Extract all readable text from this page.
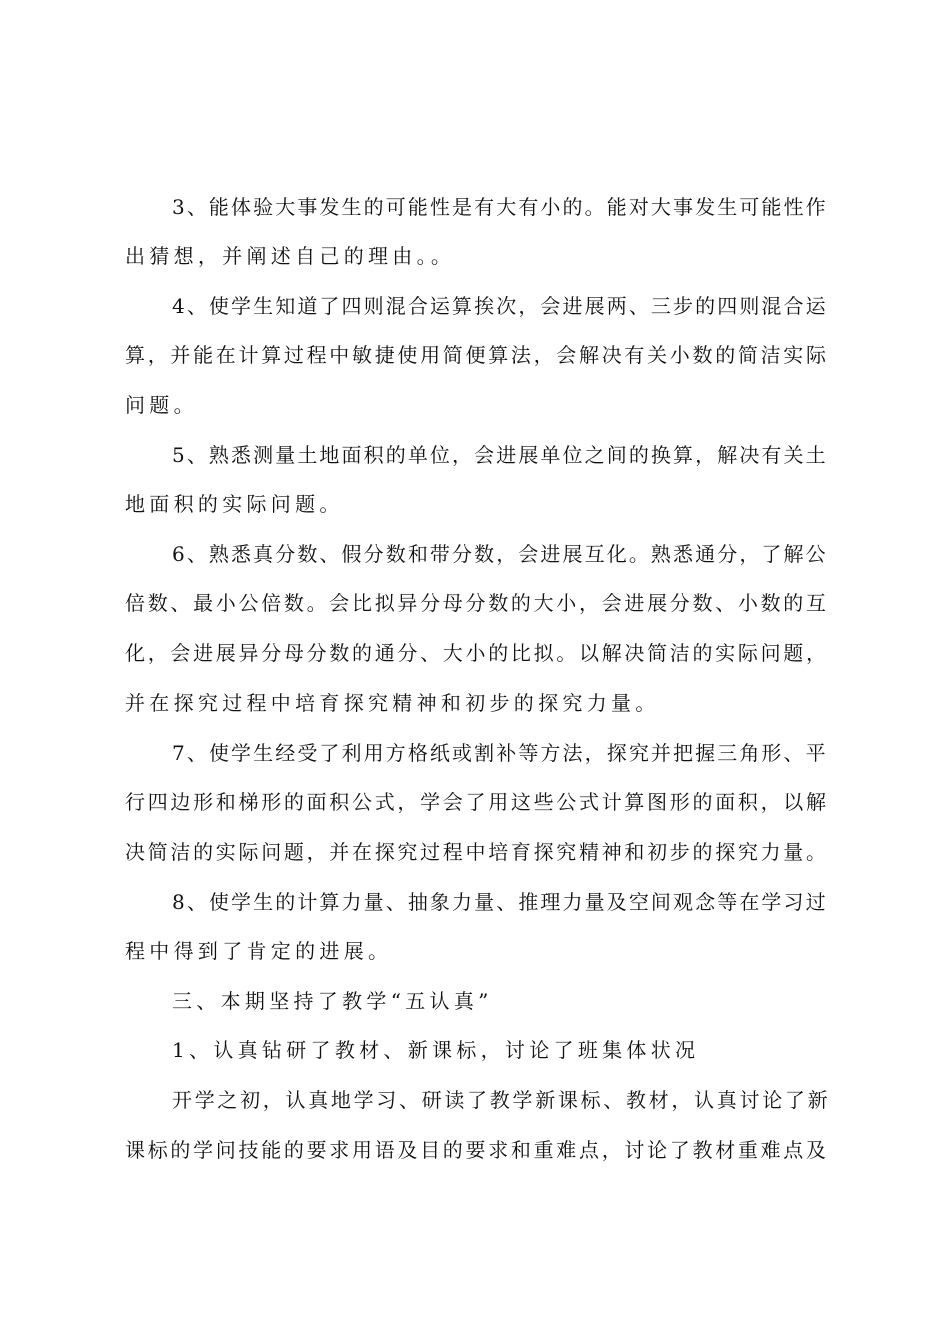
3、能体验大事发生的可能性是有大有小的。能对大事发生可能性作
出猜想，并阐述自己的理由。。
4、使学生知道了四则混合运算挨次，会进展两、三步的四则混合运
算，并能在计算过程中敏捷使用简便算法，会解决有关小数的简洁实际
问题。
5、熟悉测量土地面积的单位，会进展单位之间的换算，解决有关土
地面积的实际问题。
6、熟悉真分数、假分数和带分数，会进展互化。熟悉通分，了解公
倍数、最小公倍数。会比拟异分母分数的大小，会进展分数、小数的互
化，会进展异分母分数的通分、大小的比拟。以解决简洁的实际问题，
并在探究过程中培育探究精神和初步的探究力量。
7、使学生经受了利用方格纸或割补等方法，探究并把握三角形、平
行四边形和梯形的面积公式，学会了用这些公式计算图形的面积，以解
决简洁的实际问题，并在探究过程中培育探究精神和初步的探究力量。
8、使学生的计算力量、抽象力量、推理力量及空间观念等在学习过
程中得到了肯定的进展。
三、本期坚持了教学“五认真”
1、认真钻研了教材、新课标，讨论了班集体状况
开学之初，认真地学习、研读了教学新课标、教材，认真讨论了新
课标的学问技能的要求用语及目的要求和重难点，讨论了教材重难点及
